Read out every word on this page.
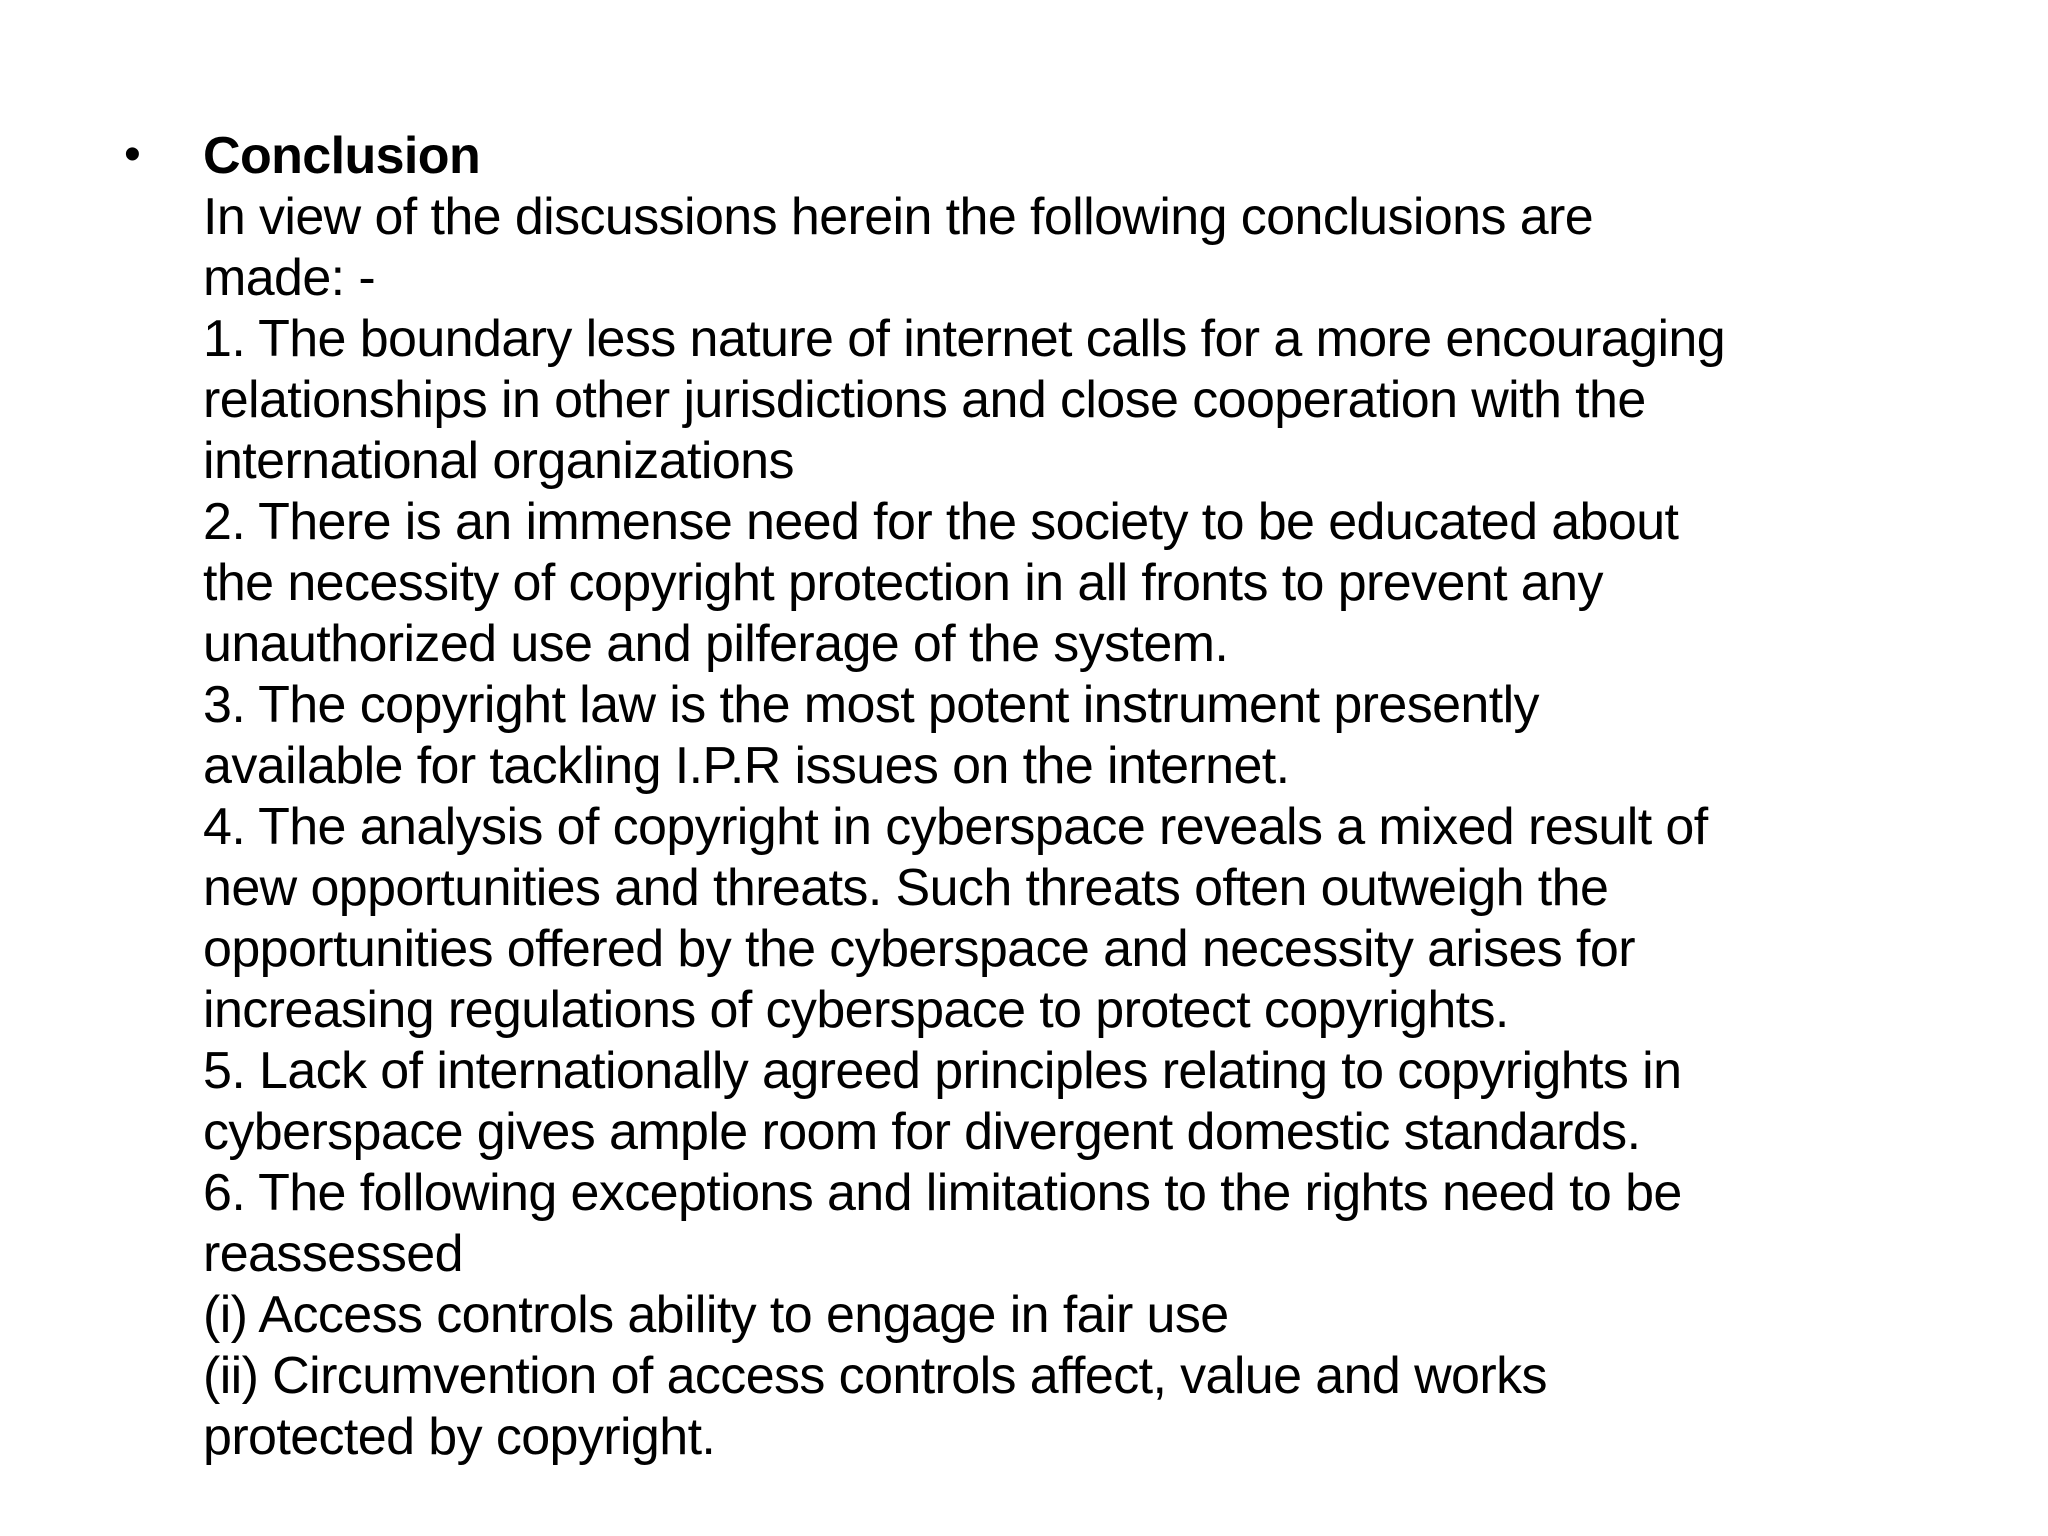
• Conclusion
In view of the discussions herein the following conclusions are
made: -
1. The boundary less nature of internet calls for a more encouraging
relationships in other jurisdictions and close cooperation with the
international organizations
2. There is an immense need for the society to be educated about
the necessity of copyright protection in all fronts to prevent any
unauthorized use and pilferage of the system.
3. The copyright law is the most potent instrument presently
available for tackling I.P.R issues on the internet.
4. The analysis of copyright in cyberspace reveals a mixed result of
new opportunities and threats. Such threats often outweigh the
opportunities offered by the cyberspace and necessity arises for
increasing regulations of cyberspace to protect copyrights.
5. Lack of internationally agreed principles relating to copyrights in
cyberspace gives ample room for divergent domestic standards.
6. The following exceptions and limitations to the rights need to be
reassessed
(i) Access controls ability to engage in fair use
(ii) Circumvention of access controls affect, value and works
protected by copyright.
